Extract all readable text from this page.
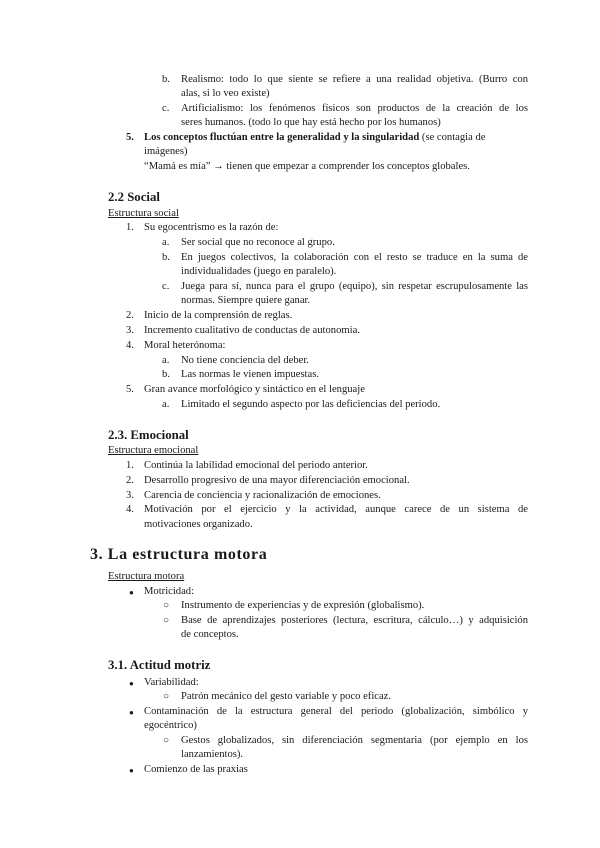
b. Realismo: todo lo que siente se refiere a una realidad objetiva. (Burro con
alas, si lo veo existe)
c. Artificialismo: los fenómenos físicos son productos de la creación de los
seres humanos. (todo lo que hay está hecho por los humanos)
5. Los conceptos fluctúan entre la generalidad y la singularidad (se contagia de
imágenes)
“Mamá es mía” → tienen que empezar a comprender los conceptos globales.
2.2 Social
Estructura social
1. Su egocentrismo es la razón de:
a. Ser social que no reconoce al grupo.
b. En juegos colectivos, la colaboración con el resto se traduce en la suma de
individualidades (juego en paralelo).
c. Juega para sí, nunca para el grupo (equipo), sin respetar escrupulosamente las
normas. Siempre quiere ganar.
2. Inicio de la comprensión de reglas.
3. Incremento cualitativo de conductas de autonomía.
4. Moral heterónoma:
a. No tiene conciencia del deber.
b. Las normas le vienen impuestas.
5. Gran avance morfológico y sintáctico en el lenguaje
a. Limitado el segundo aspecto por las deficiencias del periodo.
2.3. Emocional
Estructura emocional
1. Continúa la labilidad emocional del periodo anterior.
2. Desarrollo progresivo de una mayor diferenciación emocional.
3. Carencia de conciencia y racionalización de emociones.
4. Motivación por el ejercicio y la actividad, aunque carece de un sistema de
motivaciones organizado.
3. La estructura motora
Estructura motora
● Motricidad:
○ Instrumento de experiencias y de expresión (globalismo).
○ Base de aprendizajes posteriores (lectura, escritura, cálculo…) y adquisición
de conceptos.
3.1. Actitud motriz
● Variabilidad:
○ Patrón mecánico del gesto variable y poco eficaz.
● Contaminación de la estructura general del periodo (globalización, simbólico y
egocéntrico)
○ Gestos globalizados, sin diferenciación segmentaria (por ejemplo en los
lanzamientos).
● Comienzo de las praxias
